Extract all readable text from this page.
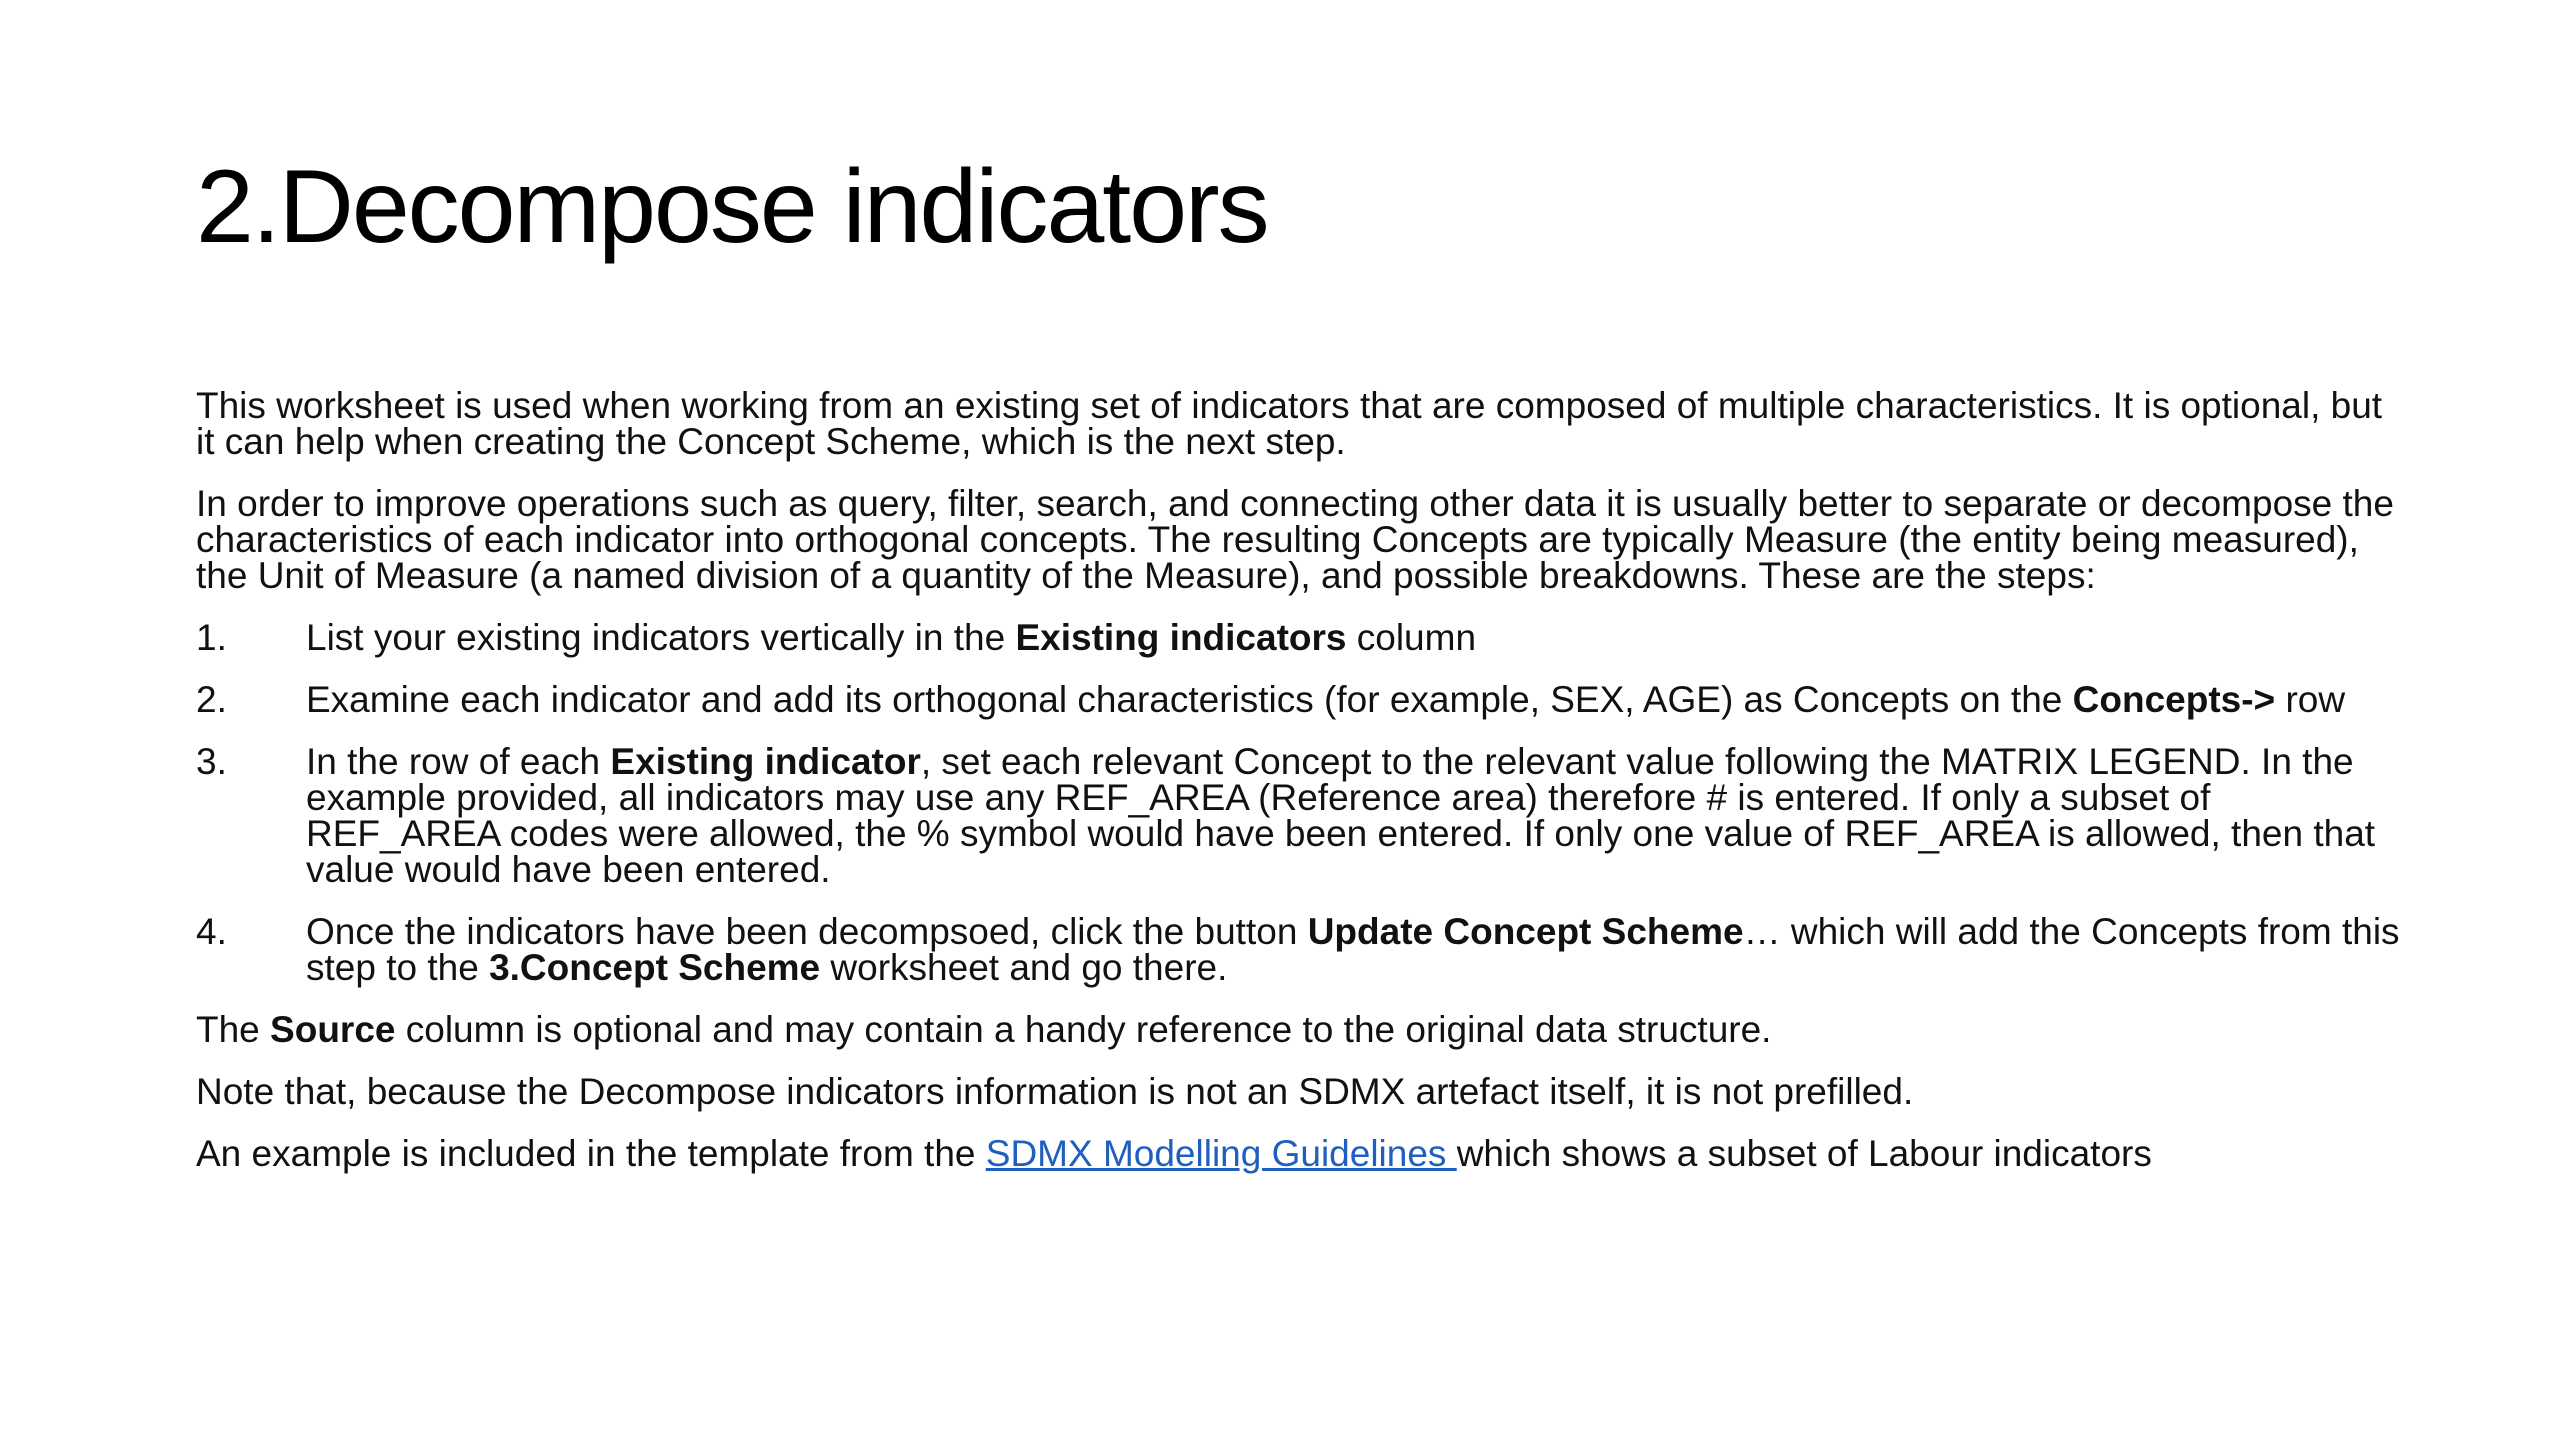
2.Decompose indicators

This worksheet is used when working from an existing set of indicators that are composed of multiple characteristics. It is optional, but it can help when creating the Concept Scheme, which is the next step.

In order to improve operations such as query, filter, search, and connecting other data it is usually better to separate or decompose the characteristics of each indicator into orthogonal concepts. The resulting Concepts are typically Measure (the entity being measured), the Unit of Measure (a named division of a quantity of the Measure), and possible breakdowns. These are the steps:

1.	List your existing indicators vertically in the Existing indicators column
2.	Examine each indicator and add its orthogonal characteristics (for example, SEX, AGE) as Concepts on the Concepts-> row
3.	In the row of each Existing indicator, set each relevant Concept to the relevant value following the MATRIX LEGEND. In the example provided, all indicators may use any REF_AREA (Reference area) therefore # is entered. If only a subset of REF_AREA codes were allowed, the % symbol would have been entered. If only one value of REF_AREA is allowed, then that value would have been entered.
4.	Once the indicators have been decompsoed, click the button Update Concept Scheme… which will add the Concepts from this step to the 3.Concept Scheme worksheet and go there.

The Source column is optional and may contain a handy reference to the original data structure.

Note that, because the Decompose indicators information is not an SDMX artefact itself, it is not prefilled.

An example is included in the template from the SDMX Modelling Guidelines which shows a subset of Labour indicators
